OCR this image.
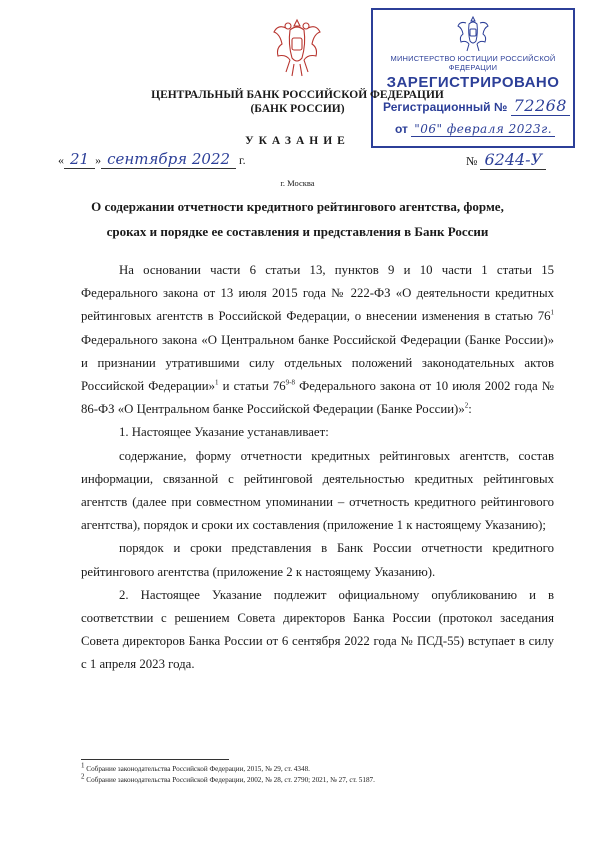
МИНИСТЕРСТВО ЮСТИЦИИ РОССИЙСКОЙ ФЕДЕРАЦИИ
ЗАРЕГИСТРИРОВАНО
Регистрационный № 72268
от "06" февраля 2023г.
ЦЕНТРАЛЬНЫЙ БАНК РОССИЙСКОЙ ФЕДЕРАЦИИ
(БАНК РОССИИ)
УКАЗАНИЕ
« 21 » сентября 2022 г.	№ 6244-У
г. Москва
О содержании отчетности кредитного рейтингового агентства, форме,
сроках и порядке ее составления и представления в Банк России

На основании части 6 статьи 13, пунктов 9 и 10 части 1 статьи 15 Федерального закона от 13 июля 2015 года № 222-ФЗ «О деятельности кредитных рейтинговых агентств в Российской Федерации, о внесении изменения в статью $76^1$ Федерального закона «О Центральном банке Российской Федерации (Банке России)» и признании утратившими силу отдельных положений законодательных актов Российской Федерации»$^1$ и статьи 76$^{9-8}$ Федерального закона от 10 июля 2002 года № 86-ФЗ «О Центральном банке Российской Федерации (Банке России)»$^2$:

1. Настоящее Указание устанавливает:

содержание, форму отчетности кредитных рейтинговых агентств, состав информации, связанной с рейтинговой деятельностью кредитных рейтинговых агентств (далее при совместном упоминании – отчетность кредитного рейтингового агентства), порядок и сроки их составления (приложение 1 к настоящему Указанию);

порядок и сроки представления в Банк России отчетности кредитного рейтингового агентства (приложение 2 к настоящему Указанию).

2. Настоящее Указание подлежит официальному опубликованию и в соответствии с решением Совета директоров Банка России (протокол заседания Совета директоров Банка России от 6 сентября 2022 года № ПСД-55) вступает в силу с 1 апреля 2023 года.

$^1$ Собрание законодательства Российской Федерации, 2015, № 29, ст. 4348.
$^2$ Собрание законодательства Российской Федерации, 2002, № 28, ст. 2790; 2021, № 27, ст. 5187.
